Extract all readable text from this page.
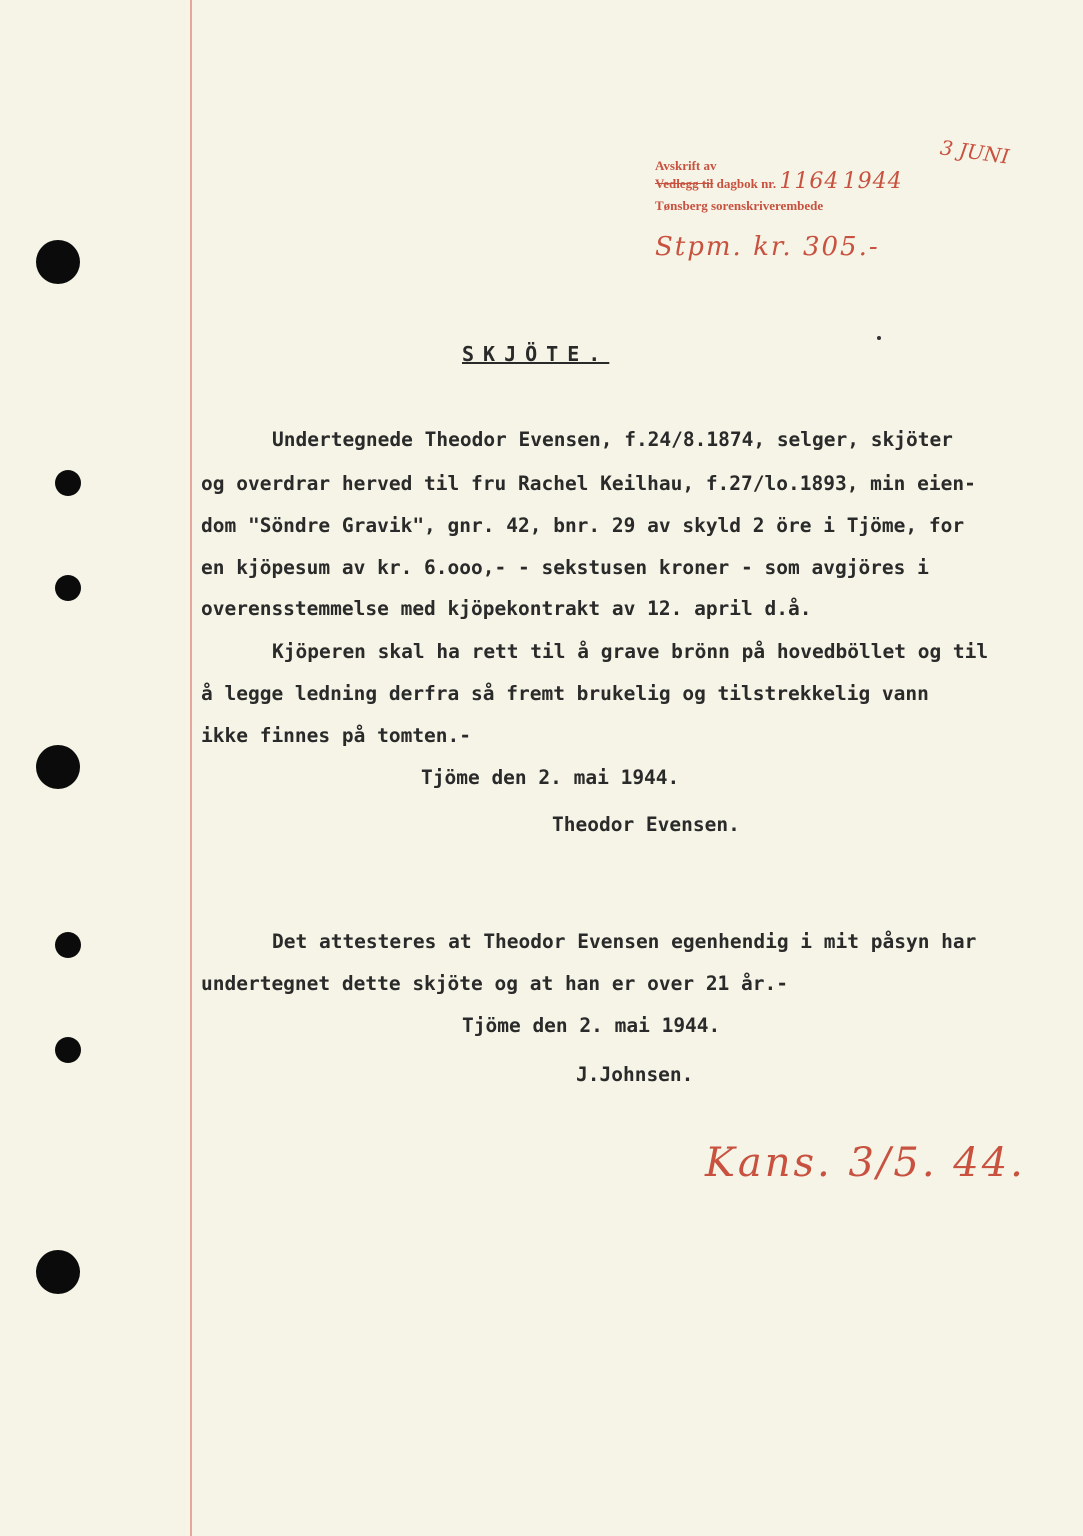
Avskrift av
Vedlegg til dagbok nr. 1164 1944
Tønsberg sorenskriverembede
3 JUNI
Stpm. kr. 305.-
SKJÖTE.
Undertegnede Theodor Evensen, f.24/8.1874, selger, skjöter
og overdrar herved til fru Rachel Keilhau, f.27/lo.1893, min eien-
dom "Söndre Gravik", gnr. 42, bnr. 29 av skyld 2 öre i Tjöme, for
en kjöpesum av kr. 6.ooo,- - sekstusen kroner - som avgjöres i
overensstemmelse med kjöpekontrakt av 12. april d.å.
Kjöperen skal ha rett til å grave brönn på hovedböllet og til
å legge ledning derfra så fremt brukelig og tilstrekkelig vann
ikke finnes på tomten.-
Tjöme den 2. mai 1944.
Theodor Evensen.
Det attesteres at Theodor Evensen egenhendig i mit påsyn har
undertegnet dette skjöte og at han er over 21 år.-
Tjöme den 2. mai 1944.
J.Johnsen.
Kans. 3/5. 44.
